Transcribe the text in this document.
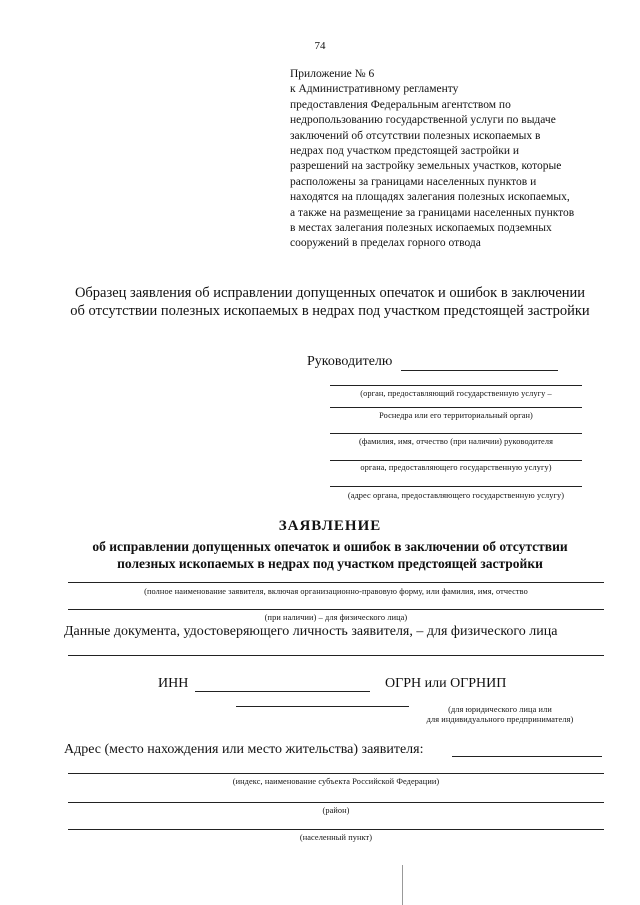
74
Приложение № 6
к Административному регламенту
предоставления Федеральным агентством по
недропользованию государственной услуги по выдаче
заключений об отсутствии полезных ископаемых в
недрах под участком предстоящей застройки и
разрешений на застройку земельных участков, которые
расположены за границами населенных пунктов и
находятся на площадях залегания полезных ископаемых,
а также на размещение за границами населенных пунктов
в местах залегания полезных ископаемых подземных
сооружений в пределах горного отвода
Образец заявления об исправлении допущенных опечаток и ошибок в заключении
об отсутствии полезных ископаемых в недрах под участком предстоящей застройки
Руководителю
(орган, предоставляющий государственную услугу –
Роснедра или его территориальный орган)
(фамилия, имя, отчество (при наличии) руководителя
органа, предоставляющего государственную услугу)
(адрес органа, предоставляющего государственную услугу)
ЗАЯВЛЕНИЕ
об исправлении допущенных опечаток и ошибок в заключении об отсутствии
полезных ископаемых в недрах под участком предстоящей застройки
(полное наименование заявителя, включая организационно-правовую форму, или фамилия, имя, отчество
(при наличии) – для физического лица)
Данные документа, удостоверяющего личность заявителя, – для физического лица
ИНН	ОГРН или ОГРНИП
(для юридического лица или
для индивидуального предпринимателя)
Адрес (место нахождения или место жительства) заявителя:
(индекс, наименование субъекта Российской Федерации)
(район)
(населенный пункт)
